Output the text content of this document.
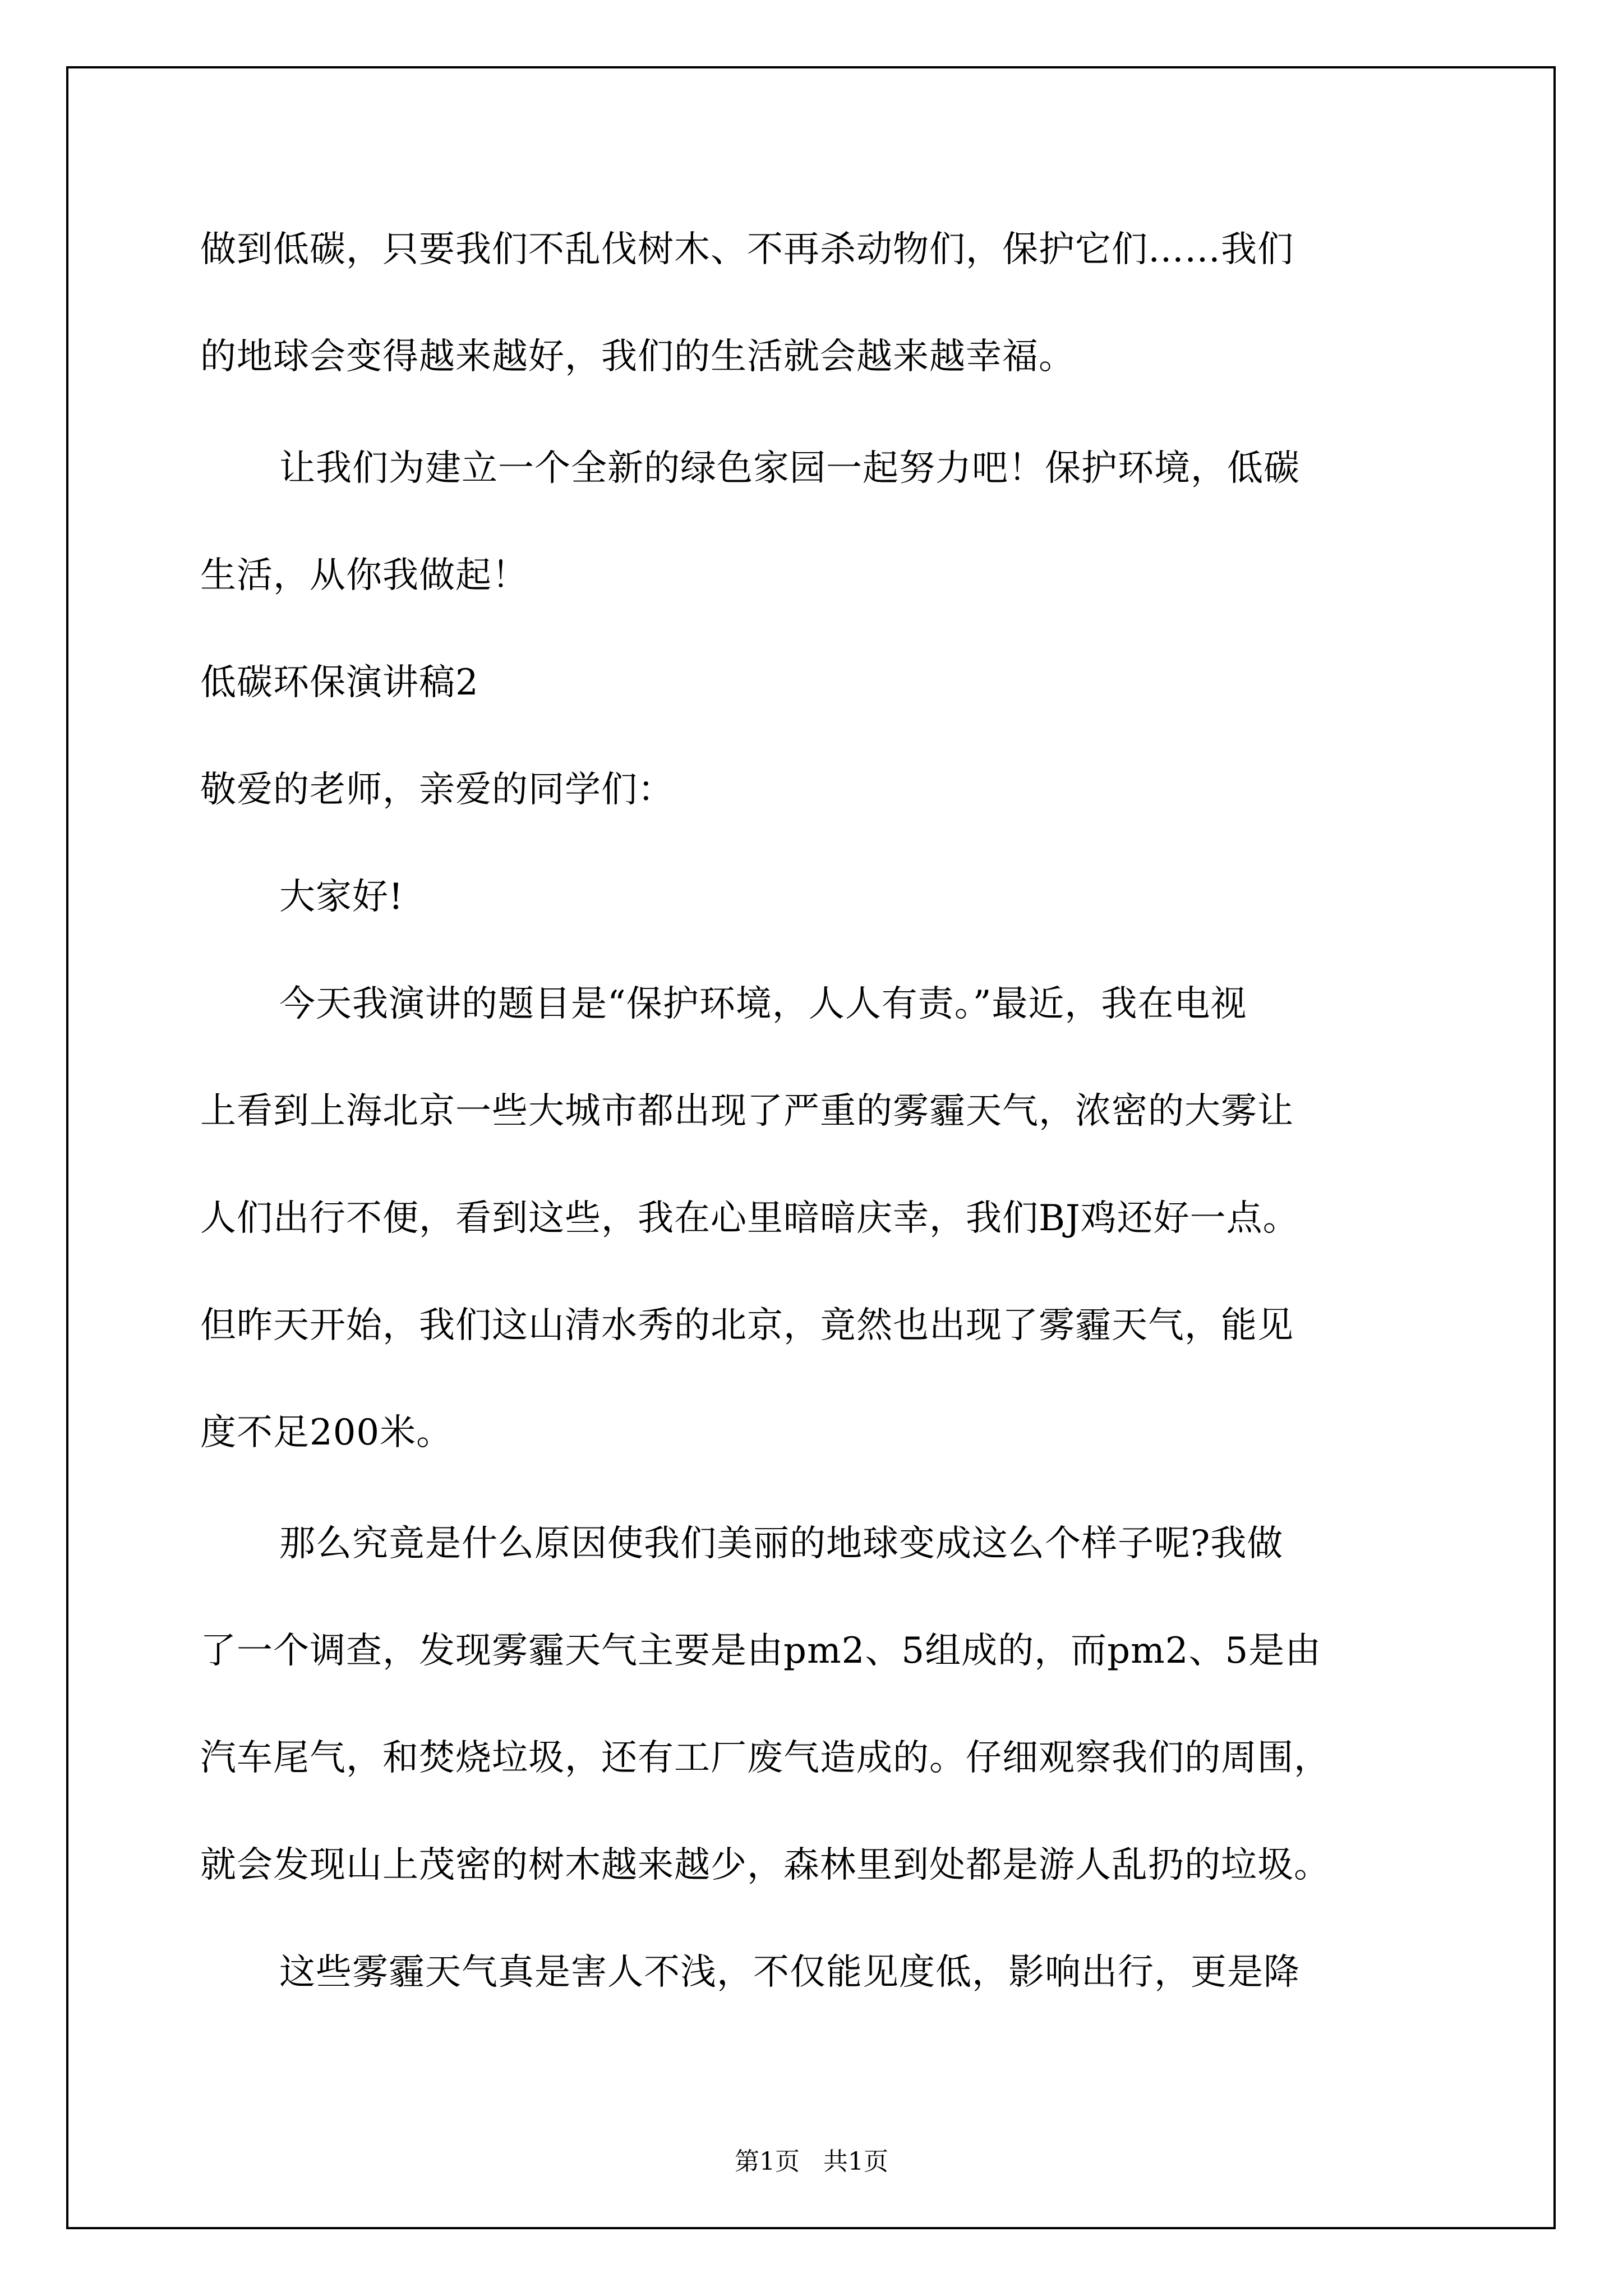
做到低碳，只要我们不乱伐树木、不再杀动物们，保护它们……我们
的地球会变得越来越好，我们的生活就会越来越幸福。
让我们为建立一个全新的绿色家园一起努力吧！保护环境，低碳
生活，从你我做起！
低碳环保演讲稿2
敬爱的老师，亲爱的同学们：
大家好!
今天我演讲的题目是“保护环境，人人有责。”最近，我在电视
上看到上海北京一些大城市都出现了严重的雾霾天气，浓密的大雾让
人们出行不便，看到这些，我在心里暗暗庆幸，我们BJ鸡还好一点。
但昨天开始，我们这山清水秀的北京，竟然也出现了雾霾天气，能见
度不足200米。
那么究竟是什么原因使我们美丽的地球变成这么个样子呢?我做
了一个调查，发现雾霾天气主要是由pm2、5组成的，而pm2、5是由
汽车尾气，和焚烧垃圾，还有工厂废气造成的。仔细观察我们的周围，
就会发现山上茂密的树木越来越少，森林里到处都是游人乱扔的垃圾。
这些雾霾天气真是害人不浅，不仅能见度低，影响出行，更是降
第1页   共1页
